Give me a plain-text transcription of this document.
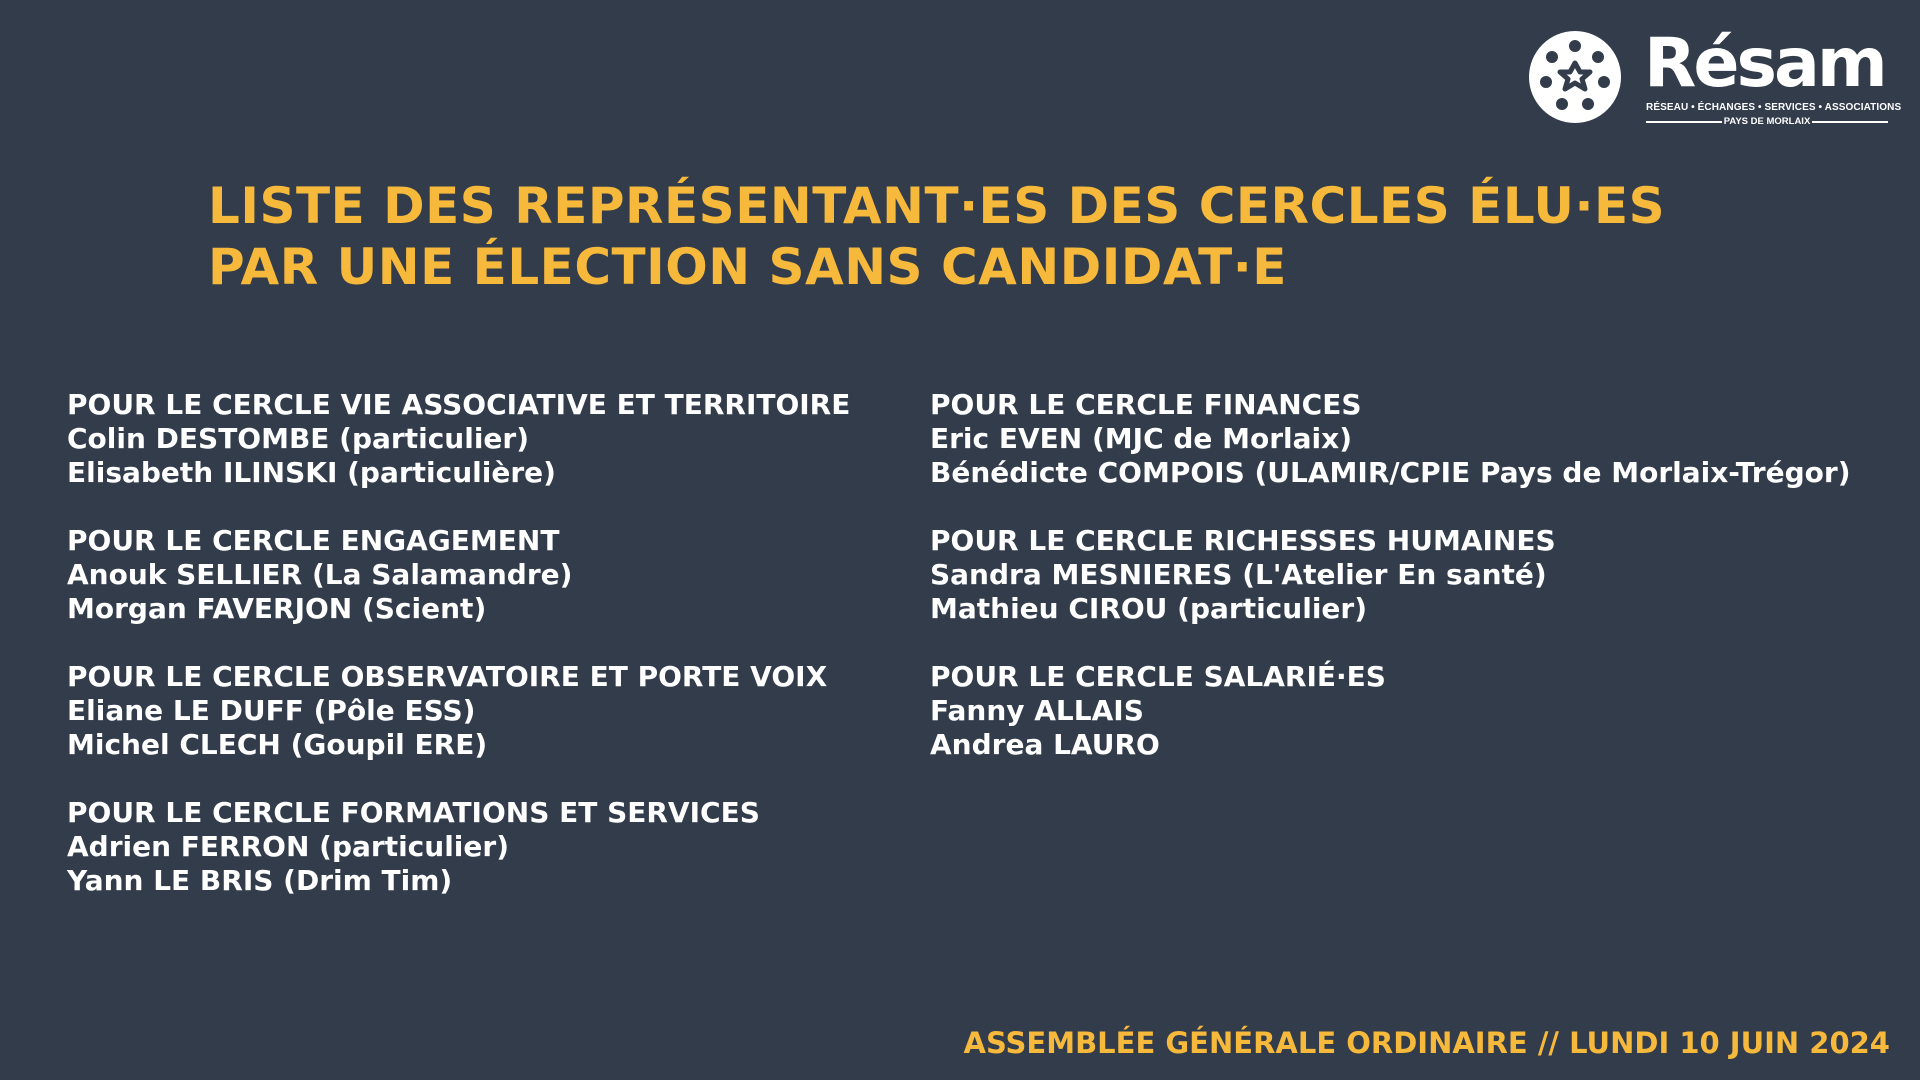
Résam
RÉSEAU • ÉCHANGES • SERVICES • ASSOCIATIONS
PAYS DE MORLAIX
LISTE DES REPRÉSENTANT·ES DES CERCLES ÉLU·ES
PAR UNE ÉLECTION SANS CANDIDAT·E
POUR LE CERCLE VIE ASSOCIATIVE ET TERRITOIRE
Colin DESTOMBE (particulier)
Elisabeth ILINSKI (particulière)
POUR LE CERCLE ENGAGEMENT
Anouk SELLIER (La Salamandre)
Morgan FAVERJON (Scient)
POUR LE CERCLE OBSERVATOIRE ET PORTE VOIX
Eliane LE DUFF (Pôle ESS)
Michel CLECH (Goupil ERE)
POUR LE CERCLE FORMATIONS ET SERVICES
Adrien FERRON (particulier)
Yann LE BRIS (Drim Tim)
POUR LE CERCLE FINANCES
Eric EVEN (MJC de Morlaix)
Bénédicte COMPOIS (ULAMIR/CPIE Pays de Morlaix-Trégor)
POUR LE CERCLE RICHESSES HUMAINES
Sandra MESNIERES (L'Atelier En santé)
Mathieu CIROU (particulier)
POUR LE CERCLE SALARIÉ·ES
Fanny ALLAIS
Andrea LAURO
ASSEMBLÉE GÉNÉRALE ORDINAIRE // LUNDI 10 JUIN 2024
